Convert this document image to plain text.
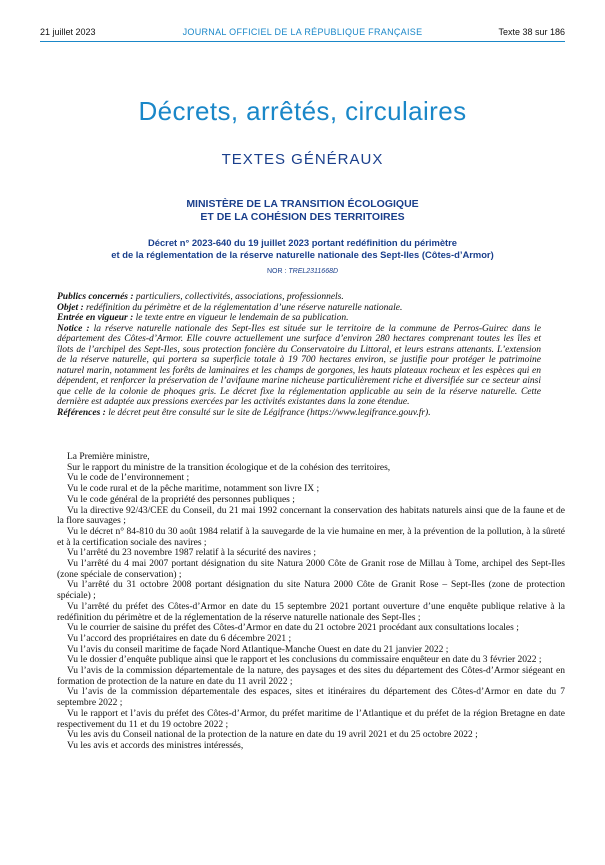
21 juillet 2023	JOURNAL OFFICIEL DE LA RÉPUBLIQUE FRANÇAISE	Texte 38 sur 186
Décrets, arrêtés, circulaires
TEXTES GÉNÉRAUX
MINISTÈRE DE LA TRANSITION ÉCOLOGIQUE
ET DE LA COHÉSION DES TERRITOIRES
Décret n° 2023-640 du 19 juillet 2023 portant redéfinition du périmètre
et de la réglementation de la réserve naturelle nationale des Sept-Iles (Côtes-d’Armor)
NOR : TREL2311668D

Publics concernés : particuliers, collectivités, associations, professionnels.

Objet : redéfinition du périmètre et de la réglementation d’une réserve naturelle nationale.

Entrée en vigueur : le texte entre en vigueur le lendemain de sa publication.

Notice : la réserve naturelle nationale des Sept-Iles est située sur le territoire de la commune de Perros-Guirec dans le département des Côtes-d’Armor. Elle couvre actuellement une surface d’environ 280 hectares comprenant toutes les îles et îlots de l’archipel des Sept-Iles, sous protection foncière du Conservatoire du Littoral, et leurs estrans attenants. L’extension de la réserve naturelle, qui portera sa superficie totale à 19 700 hectares environ, se justifie pour protéger le patrimoine naturel marin, notamment les forêts de laminaires et les champs de gorgones, les hauts plateaux rocheux et les espèces qui en dépendent, et renforcer la préservation de l’avifaune marine nicheuse particulièrement riche et diversifiée sur ce secteur ainsi que celle de la colonie de phoques gris. Le décret fixe la réglementation applicable au sein de la réserve naturelle. Cette dernière est adaptée aux pressions exercées par les activités existantes dans la zone étendue.

Références : le décret peut être consulté sur le site de Légifrance (https://www.legifrance.gouv.fr).

La Première ministre,

Sur le rapport du ministre de la transition écologique et de la cohésion des territoires,

Vu le code de l’environnement ;

Vu le code rural et de la pêche maritime, notamment son livre IX ;

Vu le code général de la propriété des personnes publiques ;

Vu la directive 92/43/CEE du Conseil, du 21 mai 1992 concernant la conservation des habitats naturels ainsi que de la faune et de la flore sauvages ;

Vu le décret n° 84-810 du 30 août 1984 relatif à la sauvegarde de la vie humaine en mer, à la prévention de la pollution, à la sûreté et à la certification sociale des navires ;

Vu l’arrêté du 23 novembre 1987 relatif à la sécurité des navires ;

Vu l’arrêté du 4 mai 2007 portant désignation du site Natura 2000 Côte de Granit rose de Millau à Tome, archipel des Sept-Iles (zone spéciale de conservation) ;

Vu l’arrêté du 31 octobre 2008 portant désignation du site Natura 2000 Côte de Granit Rose – Sept-Iles (zone de protection spéciale) ;

Vu l’arrêté du préfet des Côtes-d’Armor en date du 15 septembre 2021 portant ouverture d’une enquête publique relative à la redéfinition du périmètre et de la réglementation de la réserve naturelle nationale des Sept-Iles ;

Vu le courrier de saisine du préfet des Côtes-d’Armor en date du 21 octobre 2021 procédant aux consultations locales ;

Vu l’accord des propriétaires en date du 6 décembre 2021 ;

Vu l’avis du conseil maritime de façade Nord Atlantique-Manche Ouest en date du 21 janvier 2022 ;

Vu le dossier d’enquête publique ainsi que le rapport et les conclusions du commissaire enquêteur en date du 3 février 2022 ;

Vu l’avis de la commission départementale de la nature, des paysages et des sites du département des Côtes-d’Armor siégeant en formation de protection de la nature en date du 11 avril 2022 ;

Vu l’avis de la commission départementale des espaces, sites et itinéraires du département des Côtes-d’Armor en date du 7 septembre 2022 ;

Vu le rapport et l’avis du préfet des Côtes-d’Armor, du préfet maritime de l’Atlantique et du préfet de la région Bretagne en date respectivement du 11 et du 19 octobre 2022 ;

Vu les avis du Conseil national de la protection de la nature en date du 19 avril 2021 et du 25 octobre 2022 ;

Vu les avis et accords des ministres intéressés,
